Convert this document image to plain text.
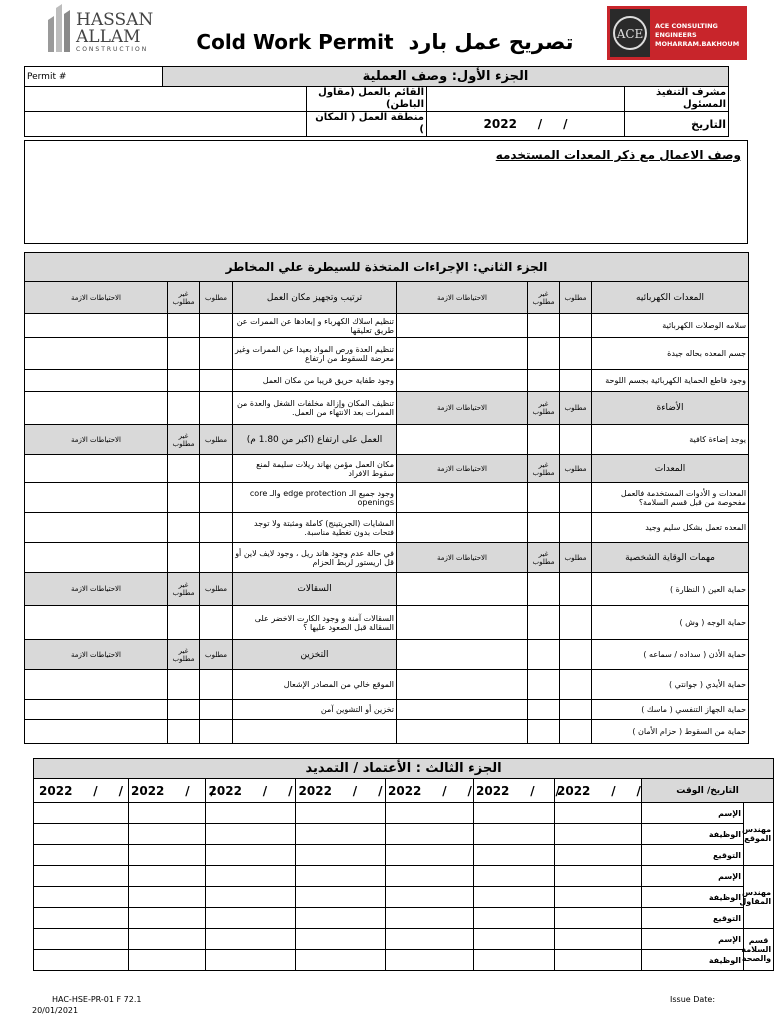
HASSAN
ALLAM
CONSTRUCTION	Cold Work Permit تصريح عمل بارد	ACE
ACE CONSULTING ENGINEERS
MOHARRAM.BAKHOUM
Permit #	الجزء الأول: وصف العملية			
		القائم بالعمل (مقاول الباطن)		مشرف التنفيذ المسئول
		منطقة العمل ( المكان )	2022     /     /	التاريخ
وصف الاعمال مع ذكر المعدات المستخدمه
الجزء الثاني: الإجراءات المتخذة للسيطرة علي المخاطر							
الاحتياطات الازمة	غير مطلوب	مطلوب	ترتيب وتجهيز مكان العمل	الاحتياطات الازمة	غير مطلوب	مطلوب	المعدات الكهربائيه
			تنظيم اسلاك الكهرباء و إبعادها عن الممرات عن طريق تعليقها				سلامه الوصلات الكهربائية
			تنظيم العدة ورص المواد بعيدا عن الممرات وغير معرضة للسقوط من ارتفاع				جسم المعده بحاله جيدة
			وجود طفاية حريق قريبا من مكان العمل				وجود قاطع الحماية الكهربائية بجسم اللوحة
			تنظيف المكان وإزالة مخلفات الشغل والعدة من الممرات بعد الانتهاء من العمل.	الاحتياطات الازمة	غير مطلوب	مطلوب	الأضاءة
الاحتياطات الازمة	غير مطلوب	مطلوب	العمل على ارتفاع (اكبر من 1.80 م)				يوجد إضاءة كافية
			مكان العمل مؤمن بهاند ريلات سليمة لمنع سقوط الافراد	الاحتياطات الازمة	غير مطلوب	مطلوب	المعدات
			وجود جميع الـ edge protection والـ core openings				المعدات و الأدوات المستخدمة فالعمل مفحوصة من قبل قسم السلامة؟
			المشايات (الجريتينج) كاملة ومثبتة ولا توجد فتحات بدون تغطية مناسبة.				المعده تعمل بشكل سليم وجيد
			في حالة عدم وجود هاند ريل ، وجود لايف لاين أو قل اريستور لربط الحزام	الاحتياطات الازمة	غير مطلوب	مطلوب	مهمات الوقاية الشخصية
الاحتياطات الازمة	غير مطلوب	مطلوب	السقالات				حماية العين ( النظارة )
			السقالات آمنة و وجود الكارت الاخضر على السقالة قبل الصعود عليها ؟				حماية الوجه ( وش )
الاحتياطات الازمة	غير مطلوب	مطلوب	التخزين				حماية الأذن ( سداده / سماعه )
			الموقع خالي من المصادر الإشعال				حماية الأيدي ( جوانتي )
			تخزين أو التشوين آمن				حماية الجهاز التنفسي ( ماسك )
							حماية من السقوط ( حزام الأمان )
الجزء الثالث : الأعتماد / التمديد								
2022     /     /	2022     /     /	2022     /     /	2022     /     /	2022     /     /	2022     /     /	2022     /     /	التاريخ/ الوقت	
							الإسم	مهندس الموقع
							الوظيفة	
							التوقيع	
							الإسم	مهندس المقاول
							الوظيفة	
							التوقيع	
							الإسم	قسم السلامة والصحة
							الوظيفة	
HAC-HSE-PR-01 F 72.1
20/01/2021
Issue Date:
